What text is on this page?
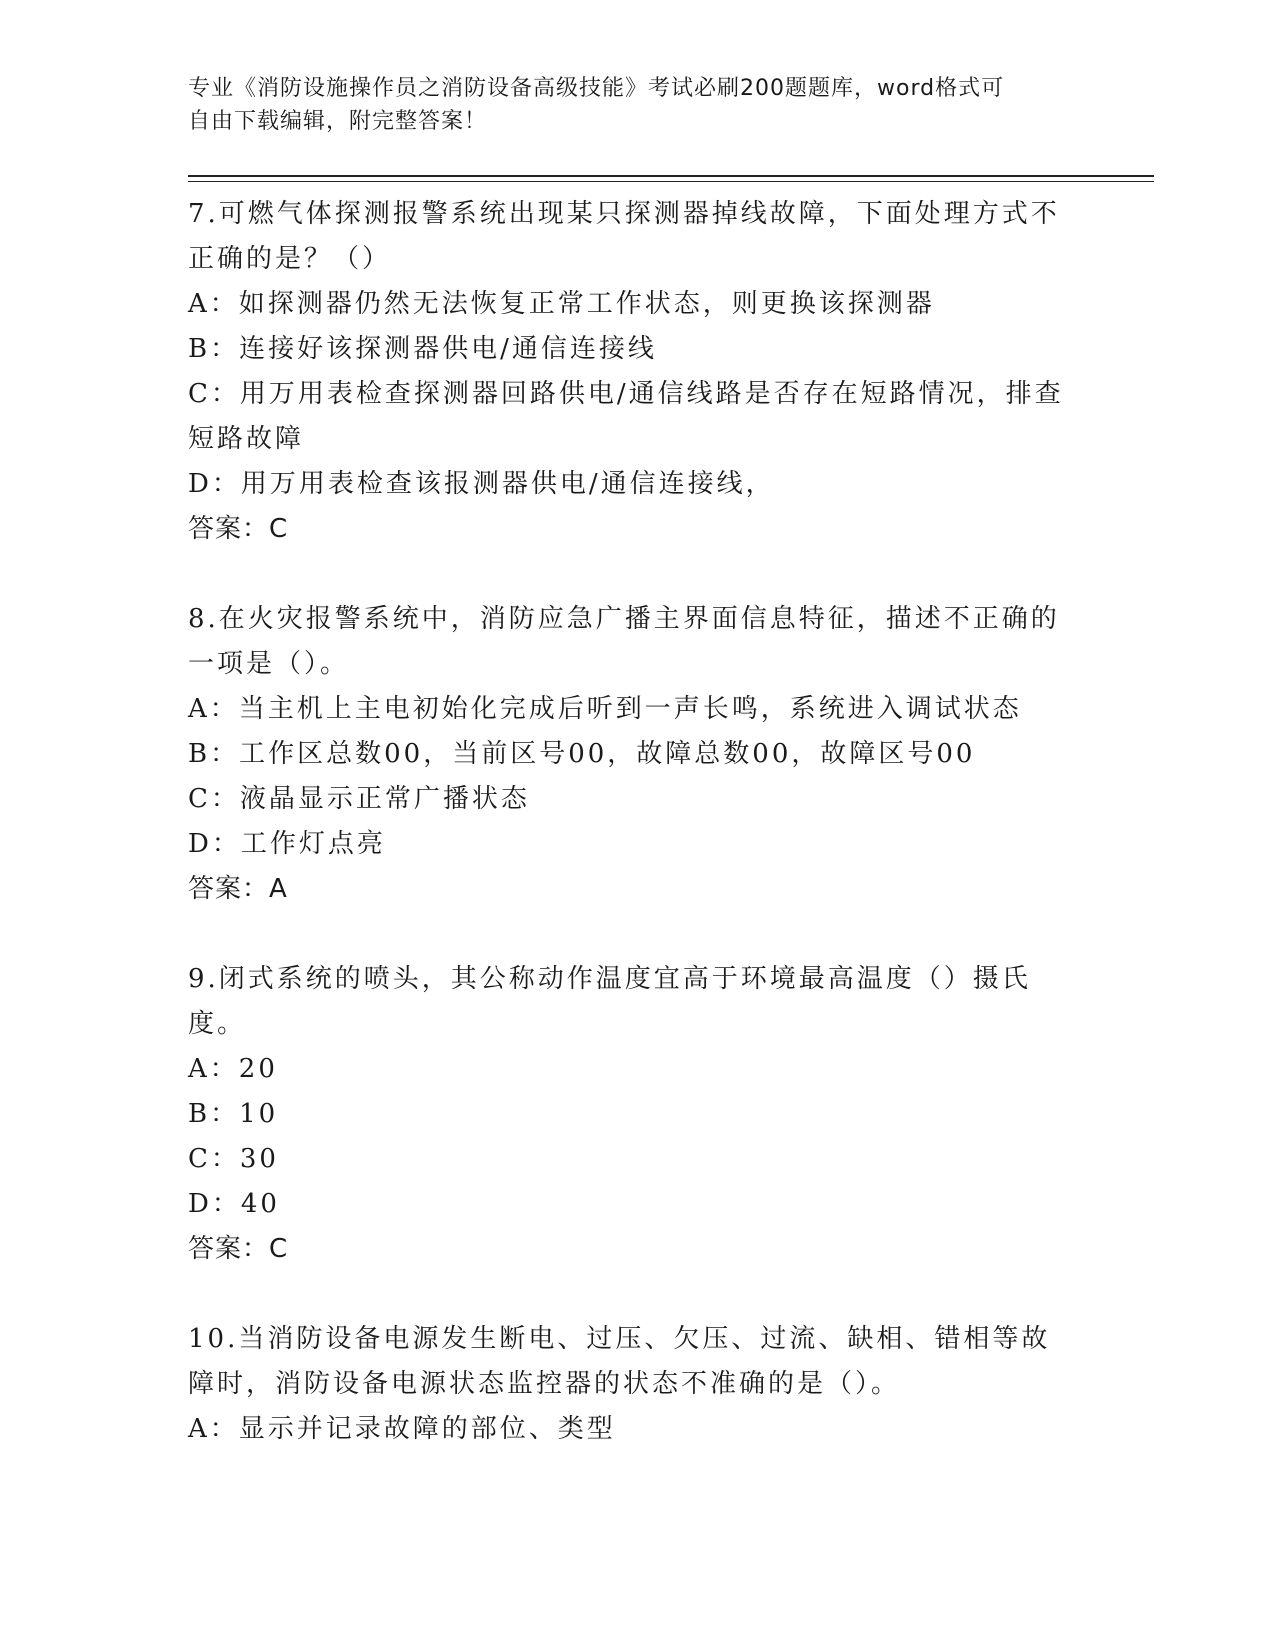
专业《消防设施操作员之消防设备高级技能》考试必刷200题题库，word格式可
自由下载编辑，附完整答案！

7.可燃气体探测报警系统出现某只探测器掉线故障，下面处理方式不正确的是？（）

A：如探测器仍然无法恢复正常工作状态，则更换该探测器

B：连接好该探测器供电/通信连接线

C：用万用表检查探测器回路供电/通信线路是否存在短路情况，排查短路故障

D：用万用表检查该报测器供电/通信连接线，

答案：C

8.在火灾报警系统中，消防应急广播主界面信息特征，描述不正确的一项是（）。

A：当主机上主电初始化完成后听到一声长鸣，系统进入调试状态

B：工作区总数00，当前区号00，故障总数00，故障区号00

C：液晶显示正常广播状态

D：工作灯点亮

答案：A

9.闭式系统的喷头，其公称动作温度宜高于环境最高温度（）摄氏度。

A：20

B：10

C：30

D：40

答案：C

10.当消防设备电源发生断电、过压、欠压、过流、缺相、错相等故障时，消防设备电源状态监控器的状态不准确的是（）。

A：显示并记录故障的部位、类型
